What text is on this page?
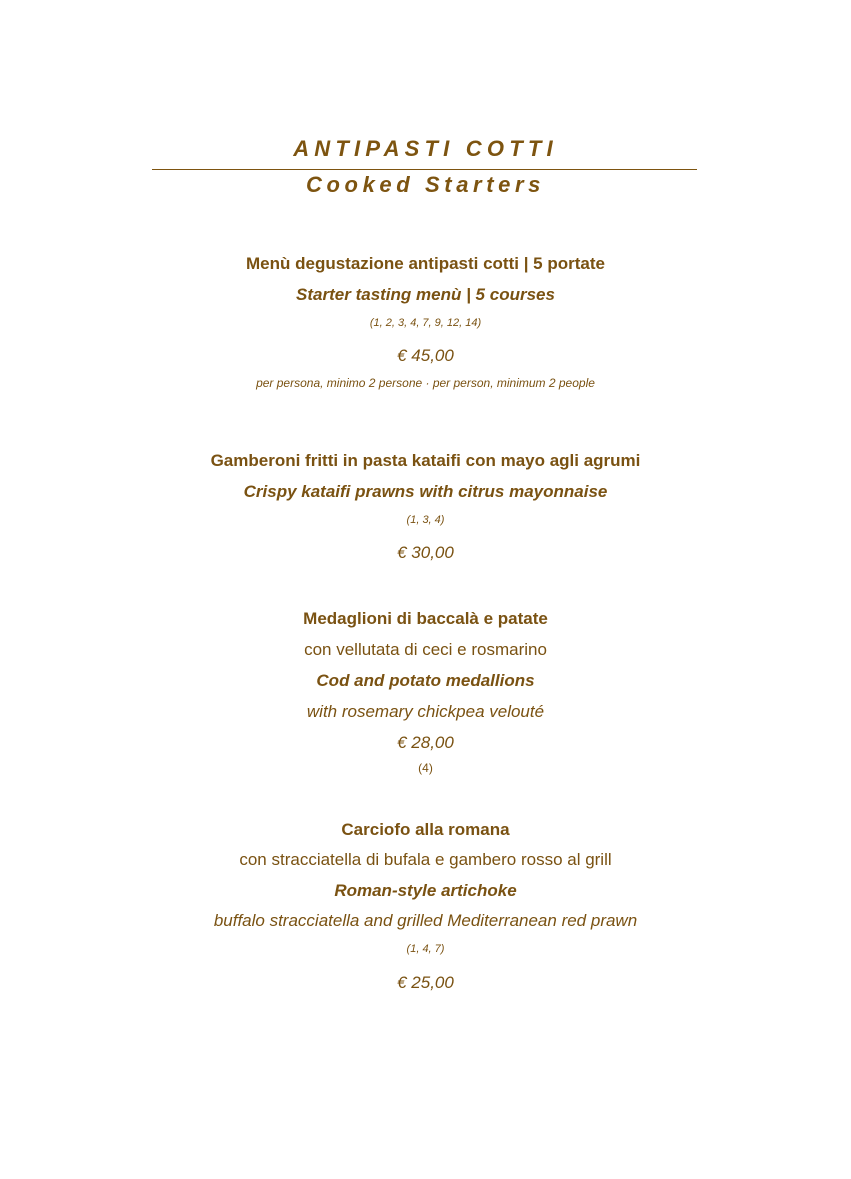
ANTIPASTI COTTI
Cooked Starters
Menù degustazione antipasti cotti | 5 portate
Starter tasting menù | 5 courses
(1, 2, 3, 4, 7, 9, 12, 14)
€ 45,00
per persona, minimo 2 persone · per person, minimum 2 people
Gamberoni fritti in pasta kataifi con mayo agli agrumi
Crispy kataifi prawns with citrus mayonnaise
(1, 3, 4)
€ 30,00
Medaglioni di baccalà e patate
con vellutata di ceci e rosmarino
Cod and potato medallions
with rosemary chickpea velouté
€ 28,00
(4)
Carciofo alla romana
con stracciatella di bufala e gambero rosso al grill
Roman-style artichoke
buffalo stracciatella and grilled Mediterranean red prawn
(1, 4, 7)
€ 25,00
